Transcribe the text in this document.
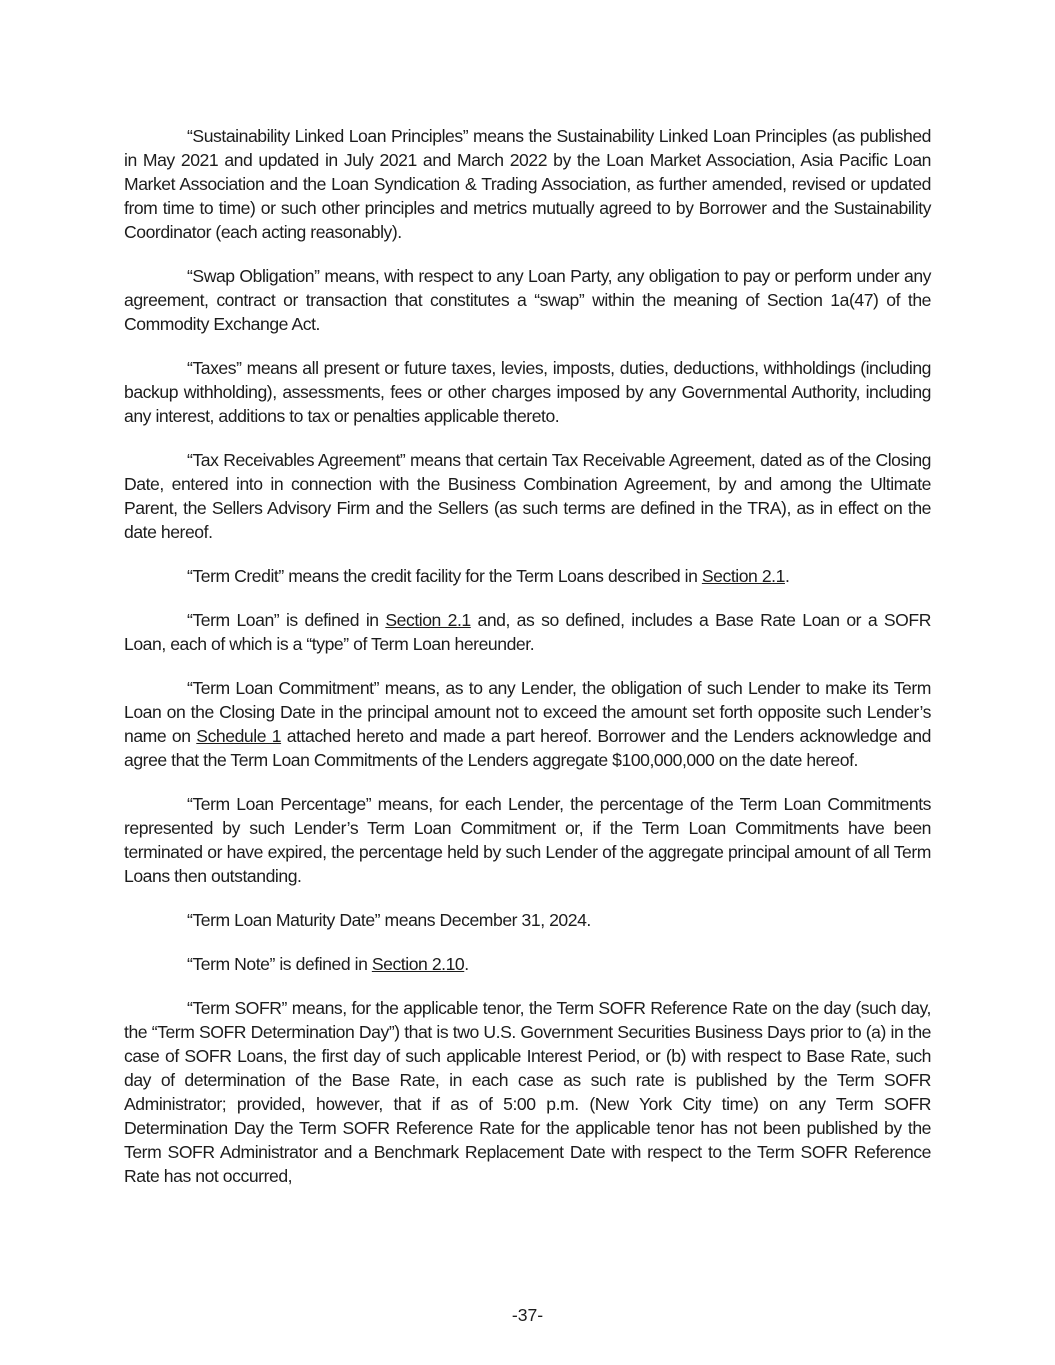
“Sustainability Linked Loan Principles” means the Sustainability Linked Loan Principles (as published in May 2021 and updated in July 2021 and March 2022 by the Loan Market Association, Asia Pacific Loan Market Association and the Loan Syndication & Trading Association, as further amended, revised or updated from time to time) or such other principles and metrics mutually agreed to by Borrower and the Sustainability Coordinator (each acting reasonably).

“Swap Obligation” means, with respect to any Loan Party, any obligation to pay or perform under any agreement, contract or transaction that constitutes a “swap” within the meaning of Section 1a(47) of the Commodity Exchange Act.

“Taxes” means all present or future taxes, levies, imposts, duties, deductions, withholdings (including backup withholding), assessments, fees or other charges imposed by any Governmental Authority, including any interest, additions to tax or penalties applicable thereto.

“Tax Receivables Agreement” means that certain Tax Receivable Agreement, dated as of the Closing Date, entered into in connection with the Business Combination Agreement, by and among the Ultimate Parent, the Sellers Advisory Firm and the Sellers (as such terms are defined in the TRA), as in effect on the date hereof.

“Term Credit” means the credit facility for the Term Loans described in Section 2.1.

“Term Loan” is defined in Section 2.1 and, as so defined, includes a Base Rate Loan or a SOFR Loan, each of which is a “type” of Term Loan hereunder.

“Term Loan Commitment” means, as to any Lender, the obligation of such Lender to make its Term Loan on the Closing Date in the principal amount not to exceed the amount set forth opposite such Lender’s name on Schedule 1 attached hereto and made a part hereof. Borrower and the Lenders acknowledge and agree that the Term Loan Commitments of the Lenders aggregate $100,000,000 on the date hereof.

“Term Loan Percentage” means, for each Lender, the percentage of the Term Loan Commitments represented by such Lender’s Term Loan Commitment or, if the Term Loan Commitments have been terminated or have expired, the percentage held by such Lender of the aggregate principal amount of all Term Loans then outstanding.

“Term Loan Maturity Date” means December 31, 2024.

“Term Note” is defined in Section 2.10.

“Term SOFR” means, for the applicable tenor, the Term SOFR Reference Rate on the day (such day, the “Term SOFR Determination Day”) that is two U.S. Government Securities Business Days prior to (a) in the case of SOFR Loans, the first day of such applicable Interest Period, or (b) with respect to Base Rate, such day of determination of the Base Rate, in each case as such rate is published by the Term SOFR Administrator; provided, however, that if as of 5:00 p.m. (New York City time) on any Term SOFR Determination Day the Term SOFR Reference Rate for the applicable tenor has not been published by the Term SOFR Administrator and a Benchmark Replacement Date with respect to the Term SOFR Reference Rate has not occurred,

-37-
